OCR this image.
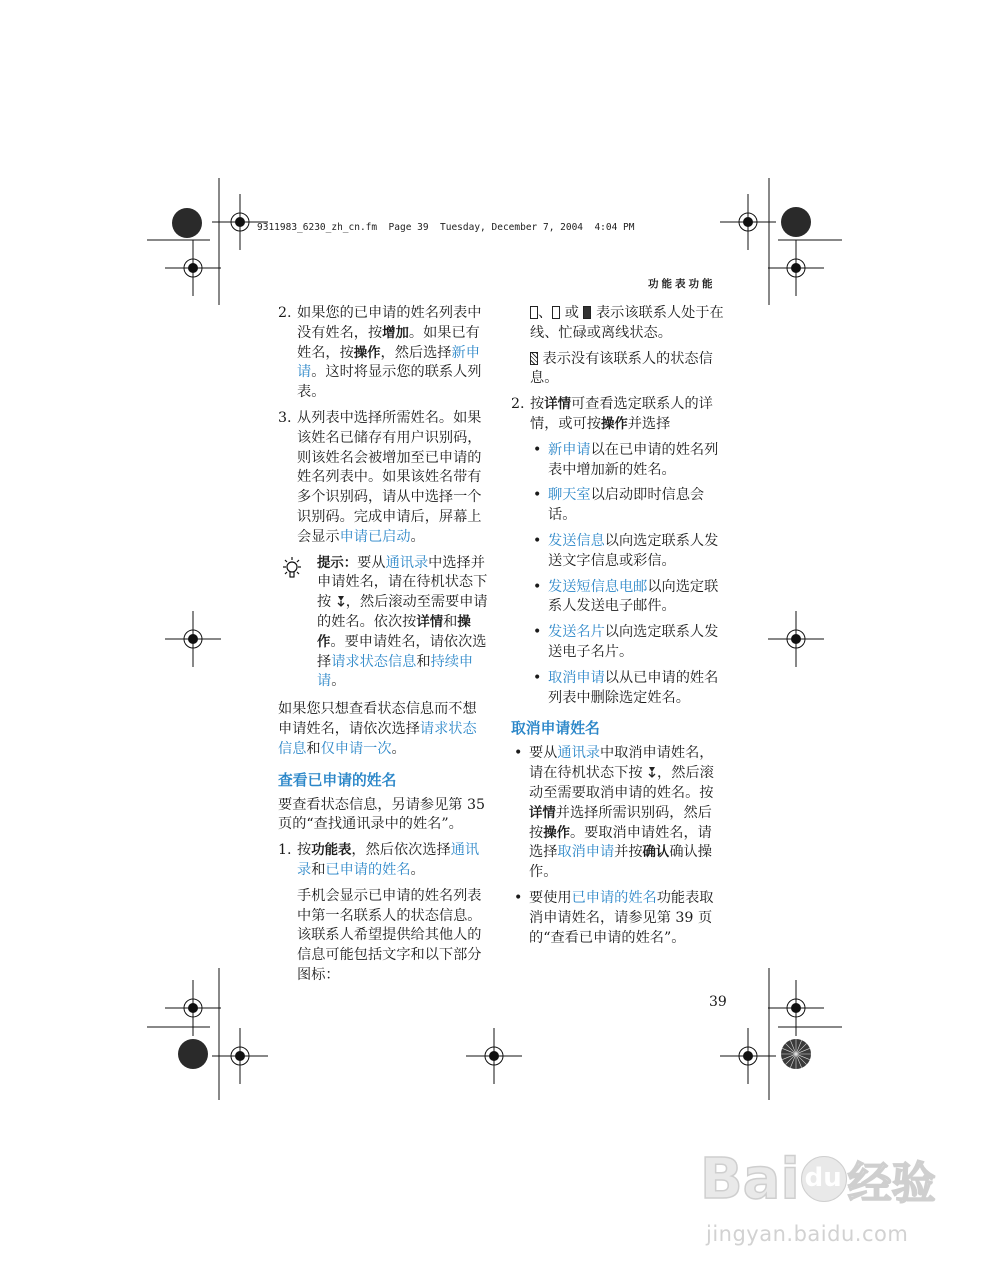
9311983_6230_zh_cn.fm  Page 39  Tuesday, December 7, 2004  4:04 PM
功能表功能
2. 如果您的已申请的姓名列表中没有姓名，按增加。如果已有姓名，按操作，然后选择新申请。这时将显示您的联系人列表。
3. 从列表中选择所需姓名。如果该姓名已储存有用户识别码，则该姓名会被增加至已申请的姓名列表中。如果该姓名带有多个识别码，请从中选择一个识别码。完成申请后，屏幕上会显示申请已启动。
提示：要从通讯录中选择并申请姓名，请在待机状态下按 ，然后滚动至需要申请的姓名。依次按详情和操作。要申请姓名，请依次选择请求状态信息和持续申请。

如果您只想查看状态信息而不想申请姓名，请依次选择请求状态信息和仅申请一次。

查看已申请的姓名

要查看状态信息，另请参见第 35 页的“查找通讯录中的姓名”。

1. 按功能表，然后依次选择通讯录和已申请的姓名。
手机会显示已申请的姓名列表中第一名联系人的状态信息。该联系人希望提供给其他人的信息可能包括文字和以下部分图标：
、 或 表示该联系人处于在线、忙碌或离线状态。
表示没有该联系人的状态信息。
2. 按详情可查看选定联系人的详情，或可按操作并选择
• 新申请以在已申请的姓名列表中增加新的姓名。
• 聊天室以启动即时信息会话。
• 发送信息以向选定联系人发送文字信息或彩信。
• 发送短信息电邮以向选定联系人发送电子邮件。
• 发送名片以向选定联系人发送电子名片。
• 取消申请以从已申请的姓名列表中删除选定姓名。
取消申请姓名
• 要从通讯录中取消申请姓名，请在待机状态下按 ，然后滚动至需要取消申请的姓名。按详情并选择所需识别码，然后按操作。要取消申请姓名，请选择取消申请并按确认确认操作。
• 要使用已申请的姓名功能表取消申请姓名，请参见第 39 页的“查看已申请的姓名”。
39
Bai du 经验
jingyan.baidu.com
